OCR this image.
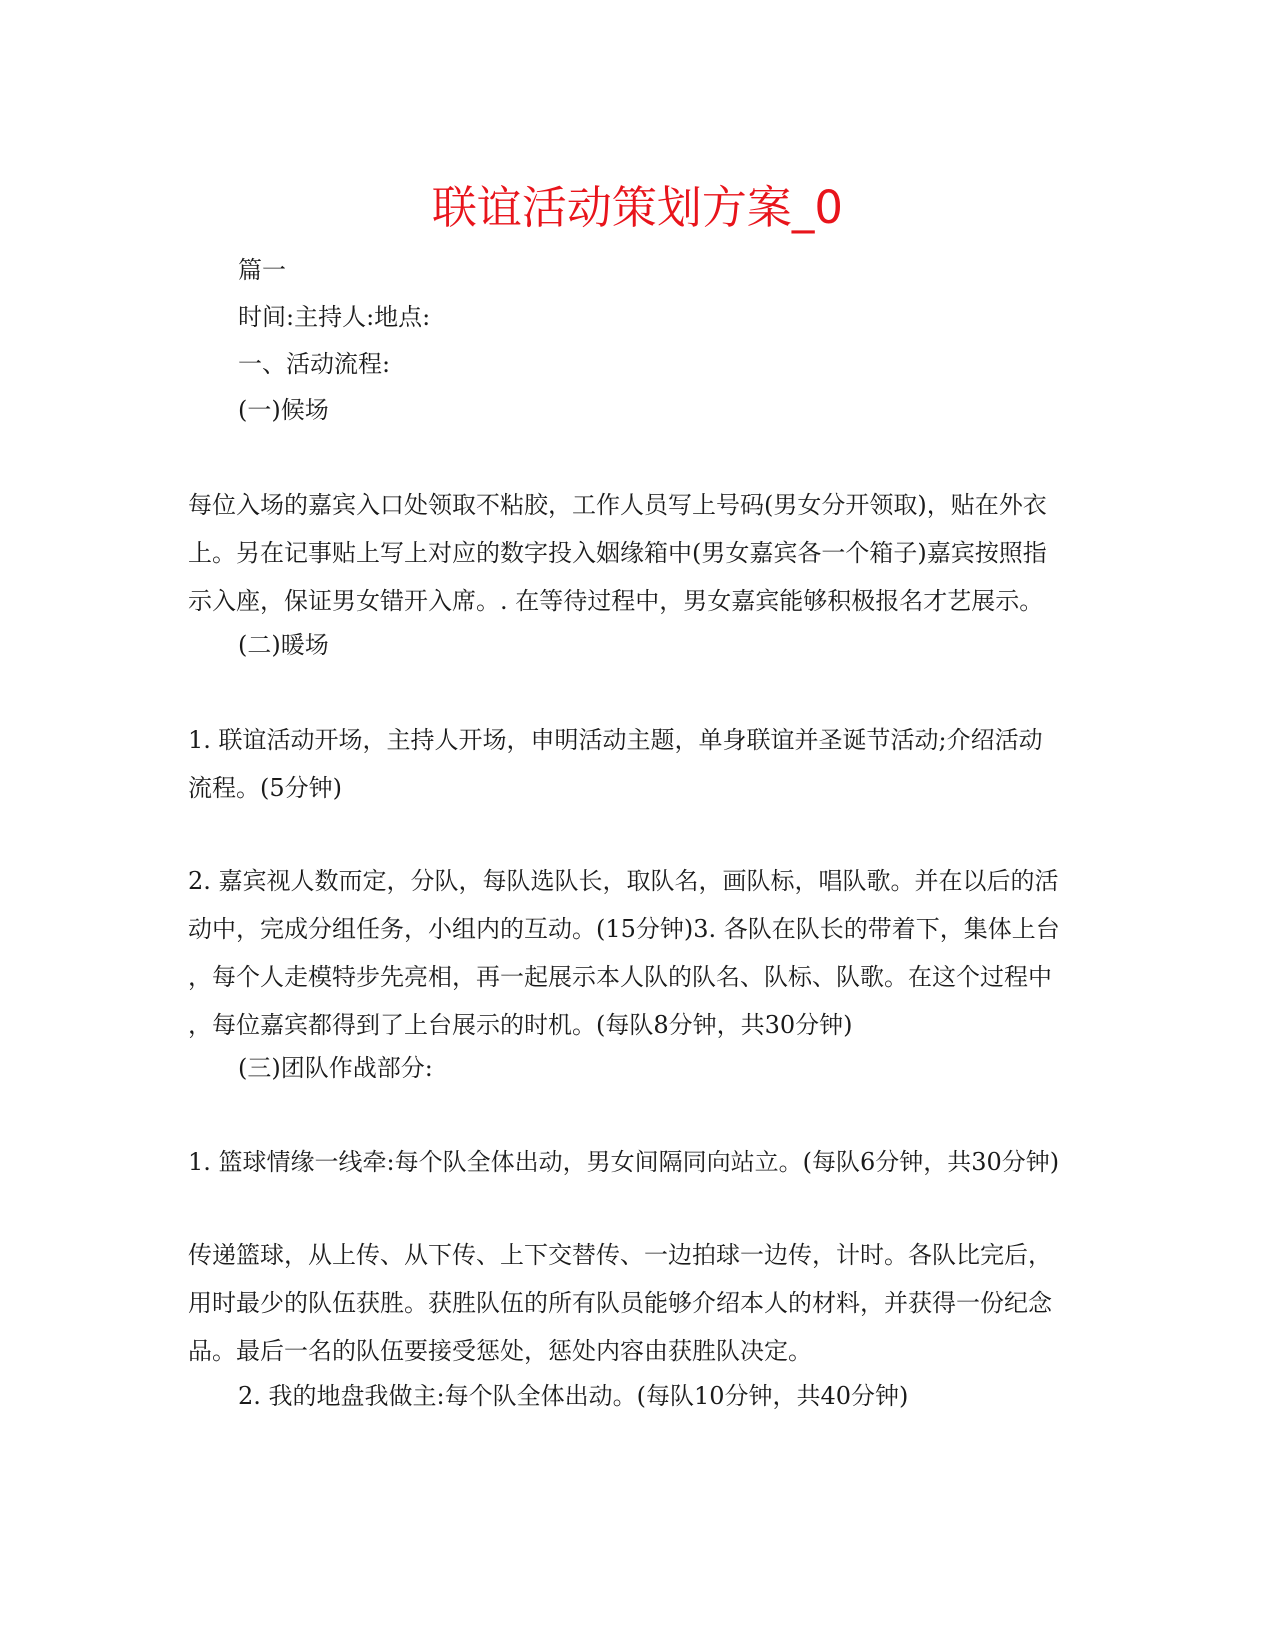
联谊活动策划方案_0

篇一

时间:主持人:地点:

一、活动流程:

(一)候场

每位入场的嘉宾入口处领取不粘胶，工作人员写上号码(男女分开领取)，贴在外衣
上。另在记事贴上写上对应的数字投入姻缘箱中(男女嘉宾各一个箱子)嘉宾按照指
示入座，保证男女错开入席。. 在等待过程中，男女嘉宾能够积极报名才艺展示。

(二)暖场

1. 联谊活动开场，主持人开场，申明活动主题，单身联谊并圣诞节活动;介绍活动
流程。(5分钟)
2. 嘉宾视人数而定，分队，每队选队长，取队名，画队标，唱队歌。并在以后的活
动中，完成分组任务，小组内的互动。(15分钟)3. 各队在队长的带着下，集体上台
，每个人走模特步先亮相，再一起展示本人队的队名、队标、队歌。在这个过程中
，每位嘉宾都得到了上台展示的时机。(每队8分钟，共30分钟)

(三)团队作战部分:

1. 篮球情缘一线牵:每个队全体出动，男女间隔同向站立。(每队6分钟，共30分钟)
传递篮球，从上传、从下传、上下交替传、一边拍球一边传，计时。各队比完后，
用时最少的队伍获胜。获胜队伍的所有队员能够介绍本人的材料，并获得一份纪念
品。最后一名的队伍要接受惩处，惩处内容由获胜队决定。

2. 我的地盘我做主:每个队全体出动。(每队10分钟，共40分钟)
